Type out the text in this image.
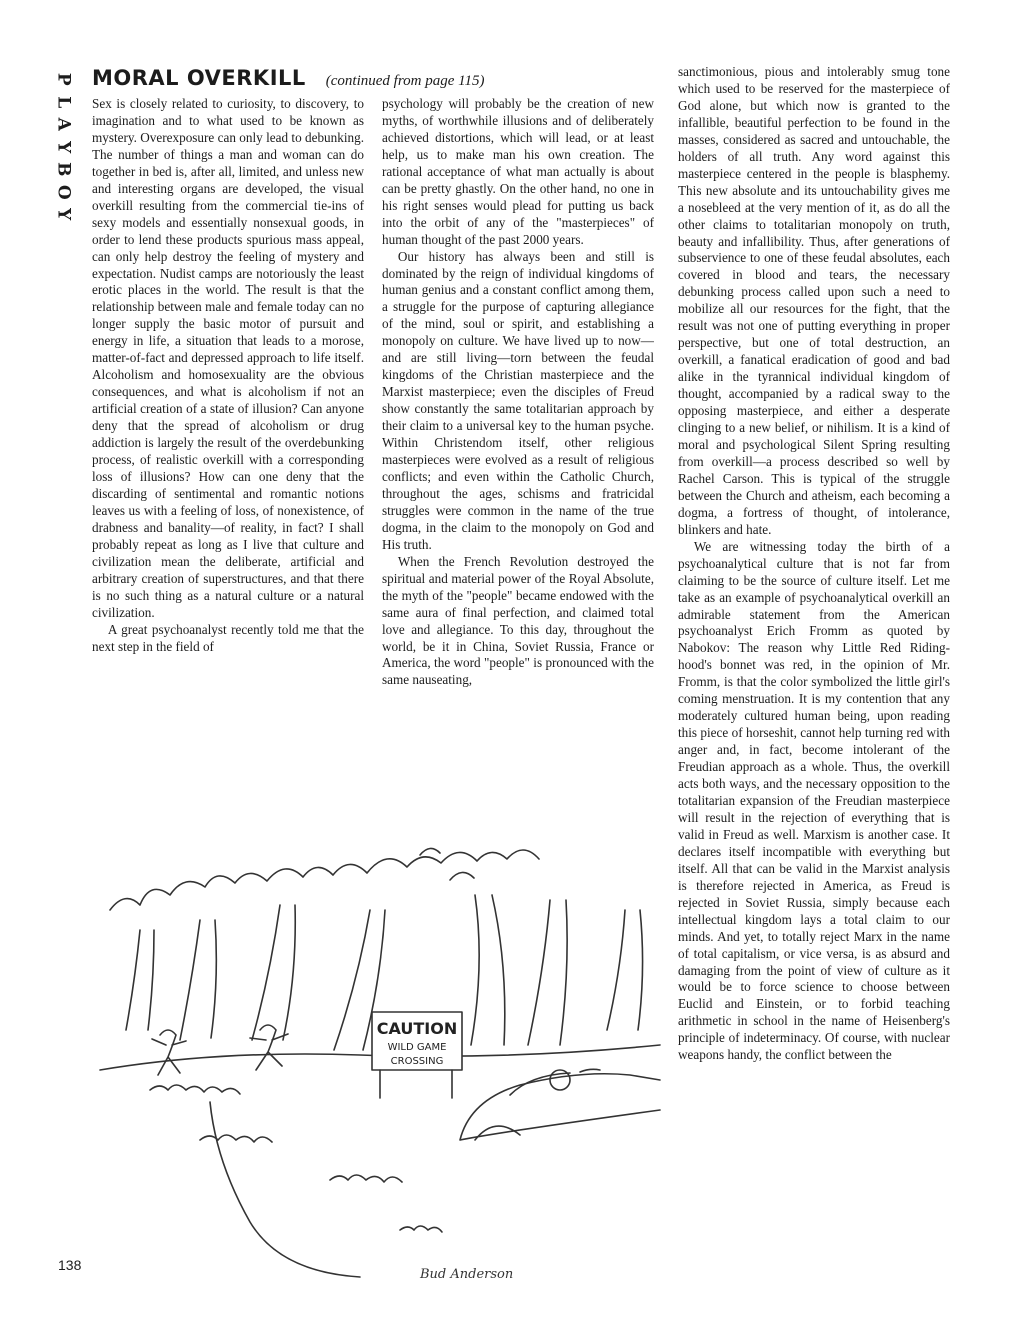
P
L
A
Y
B
O
Y
MORAL OVERKILL (continued from page 115)

Sex is closely related to curiosity, to discovery, to imagination and to what used to be known as mystery. Overexposure can only lead to debunking. The number of things a man and woman can do together in bed is, after all, limited, and unless new and interesting organs are developed, the visual overkill resulting from the commercial tie-ins of sexy models and essentially nonsexual goods, in order to lend these products spurious mass appeal, can only help destroy the feeling of mystery and expectation. Nudist camps are notoriously the least erotic places in the world. The result is that the relationship between male and female today can no longer supply the basic motor of pursuit and energy in life, a situation that leads to a morose, matter-of-fact and depressed approach to life itself. Alcoholism and homosexuality are the obvious consequences, and what is alcoholism if not an artificial creation of a state of illusion? Can anyone deny that the spread of alcoholism or drug addiction is largely the result of the overdebunking process, of realistic overkill with a corresponding loss of illusions? How can one deny that the discarding of sentimental and romantic notions leaves us with a feeling of loss, of nonexistence, of drabness and banality—of reality, in fact? I shall probably repeat as long as I live that culture and civilization mean the deliberate, artificial and arbitrary creation of superstructures, and that there is no such thing as a natural culture or a natural civilization.

A great psychoanalyst recently told me that the next step in the field of

psychology will probably be the creation of new myths, of worthwhile illusions and of deliberately achieved distortions, which will lead, or at least help, us to make man his own creation. The rational acceptance of what man actually is about can be pretty ghastly. On the other hand, no one in his right senses would plead for putting us back into the orbit of any of the "masterpieces" of human thought of the past 2000 years.

Our history has always been and still is dominated by the reign of individual kingdoms of human genius and a constant conflict among them, a struggle for the purpose of capturing allegiance of the mind, soul or spirit, and establishing a monopoly on culture. We have lived up to now—and are still living—torn between the feudal kingdoms of the Christian masterpiece and the Marxist masterpiece; even the disciples of Freud show constantly the same totalitarian approach by their claim to a universal key to the human psyche. Within Christendom itself, other religious masterpieces were evolved as a result of religious conflicts; and even within the Catholic Church, throughout the ages, schisms and fratricidal struggles were common in the name of the true dogma, in the claim to the monopoly on God and His truth.

When the French Revolution destroyed the spiritual and material power of the Royal Absolute, the myth of the "people" became endowed with the same aura of final perfection, and claimed total love and allegiance. To this day, throughout the world, be it in China, Soviet Russia, France or America, the word "people" is pronounced with the same nauseating,

sanctimonious, pious and intolerably smug tone which used to be reserved for the masterpiece of God alone, but which now is granted to the infallible, beautiful perfection to be found in the masses, considered as sacred and untouchable, the holders of all truth. Any word against this masterpiece centered in the people is blasphemy. This new absolute and its untouchability gives me a nosebleed at the very mention of it, as do all the other claims to totalitarian monopoly on truth, beauty and infallibility. Thus, after generations of subservience to one of these feudal absolutes, each covered in blood and tears, the necessary debunking process called upon such a need to mobilize all our resources for the fight, that the result was not one of putting everything in proper perspective, but one of total destruction, an overkill, a fanatical eradication of good and bad alike in the tyrannical individual kingdom of thought, accompanied by a radical sway to the opposing masterpiece, and either a desperate clinging to a new belief, or nihilism. It is a kind of moral and psychological Silent Spring resulting from overkill—a process described so well by Rachel Carson. This is typical of the struggle between the Church and atheism, each becoming a dogma, a fortress of thought, of intolerance, blinkers and hate.

We are witnessing today the birth of a psychoanalytical culture that is not far from claiming to be the source of culture itself. Let me take as an example of psychoanalytical overkill an admirable statement from the American psychoanalyst Erich Fromm as quoted by Nabokov: The reason why Little Red Riding-hood's bonnet was red, in the opinion of Mr. Fromm, is that the color symbolized the little girl's coming menstruation. It is my contention that any moderately cultured human being, upon reading this piece of horseshit, cannot help turning red with anger and, in fact, become intolerant of the Freudian approach as a whole. Thus, the overkill acts both ways, and the necessary opposition to the totalitarian expansion of the Freudian masterpiece will result in the rejection of everything that is valid in Freud as well. Marxism is another case. It declares itself incompatible with everything but itself. All that can be valid in the Marxist analysis is therefore rejected in America, as Freud is rejected in Soviet Russia, simply because each intellectual kingdom lays a total claim to our minds. And yet, to totally reject Marx in the name of total capitalism, or vice versa, is as absurd and damaging from the point of view of culture as it would be to force science to choose between Euclid and Einstein, or to forbid teaching arithmetic in school in the name of Heisenberg's principle of indeterminacy. Of course, with nuclear weapons handy, the conflict between the

CAUTION
WILD GAME
CROSSING
Bud Anderson
138
